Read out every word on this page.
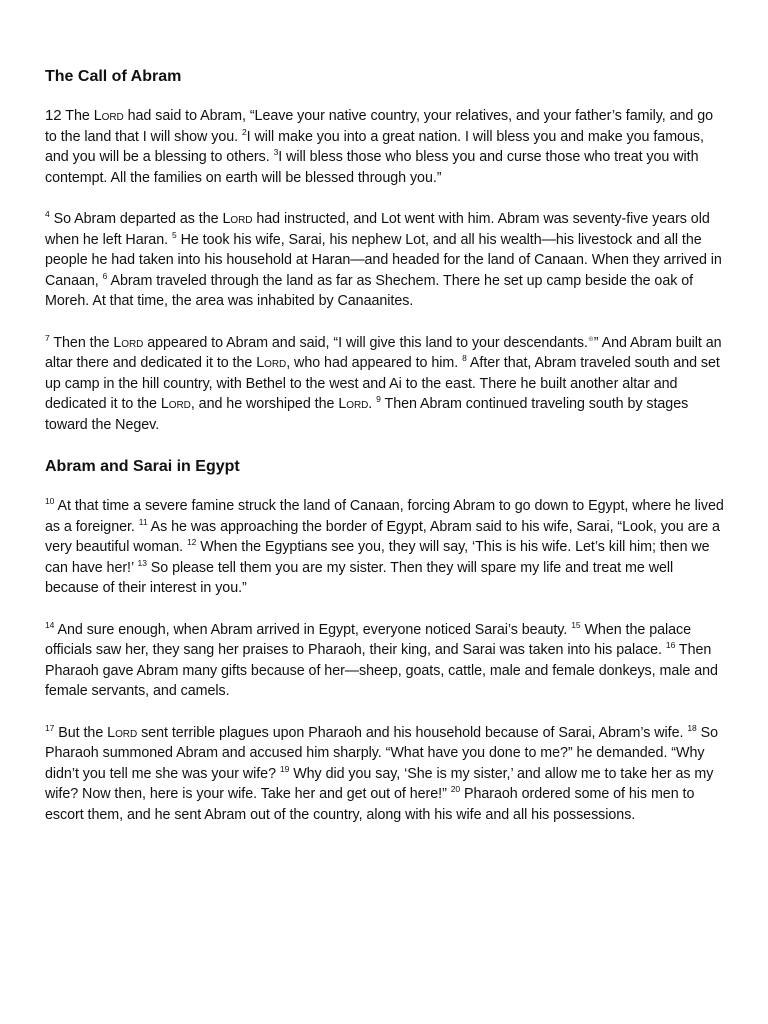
The Call of Abram

12 The Lord had said to Abram, “Leave your native country, your relatives, and your father’s family, and go to the land that I will show you. $^2$I will make you into a great nation. I will bless you and make you famous, and you will be a blessing to others. $^3$I will bless those who bless you and curse those who treat you with contempt. All the families on earth will be blessed through you.”

$^4$ So Abram departed as the Lord had instructed, and Lot went with him. Abram was seventy-five years old when he left Haran. $^5$ He took his wife, Sarai, his nephew Lot, and all his wealth—his livestock and all the people he had taken into his household at Haran—and headed for the land of Canaan. When they arrived in Canaan, $^6$ Abram traveled through the land as far as Shechem. There he set up camp beside the oak of Moreh. At that time, the area was inhabited by Canaanites.

$^7$ Then the Lord appeared to Abram and said, “I will give this land to your descendants.⊕” And Abram built an altar there and dedicated it to the Lord, who had appeared to him. $^8$ After that, Abram traveled south and set up camp in the hill country, with Bethel to the west and Ai to the east. There he built another altar and dedicated it to the Lord, and he worshiped the Lord. $^9$ Then Abram continued traveling south by stages toward the Negev.

Abram and Sarai in Egypt

$^{10}$ At that time a severe famine struck the land of Canaan, forcing Abram to go down to Egypt, where he lived as a foreigner. $^{11}$ As he was approaching the border of Egypt, Abram said to his wife, Sarai, “Look, you are a very beautiful woman. $^{12}$ When the Egyptians see you, they will say, ‘This is his wife. Let’s kill him; then we can have her!’ $^{13}$ So please tell them you are my sister. Then they will spare my life and treat me well because of their interest in you.”

$^{14}$ And sure enough, when Abram arrived in Egypt, everyone noticed Sarai’s beauty. $^{15}$ When the palace officials saw her, they sang her praises to Pharaoh, their king, and Sarai was taken into his palace. $^{16}$ Then Pharaoh gave Abram many gifts because of her—sheep, goats, cattle, male and female donkeys, male and female servants, and camels.

$^{17}$ But the Lord sent terrible plagues upon Pharaoh and his household because of Sarai, Abram’s wife. $^{18}$ So Pharaoh summoned Abram and accused him sharply. “What have you done to me?” he demanded. “Why didn’t you tell me she was your wife? $^{19}$ Why did you say, ‘She is my sister,’ and allow me to take her as my wife? Now then, here is your wife. Take her and get out of here!” $^{20}$ Pharaoh ordered some of his men to escort them, and he sent Abram out of the country, along with his wife and all his possessions.
